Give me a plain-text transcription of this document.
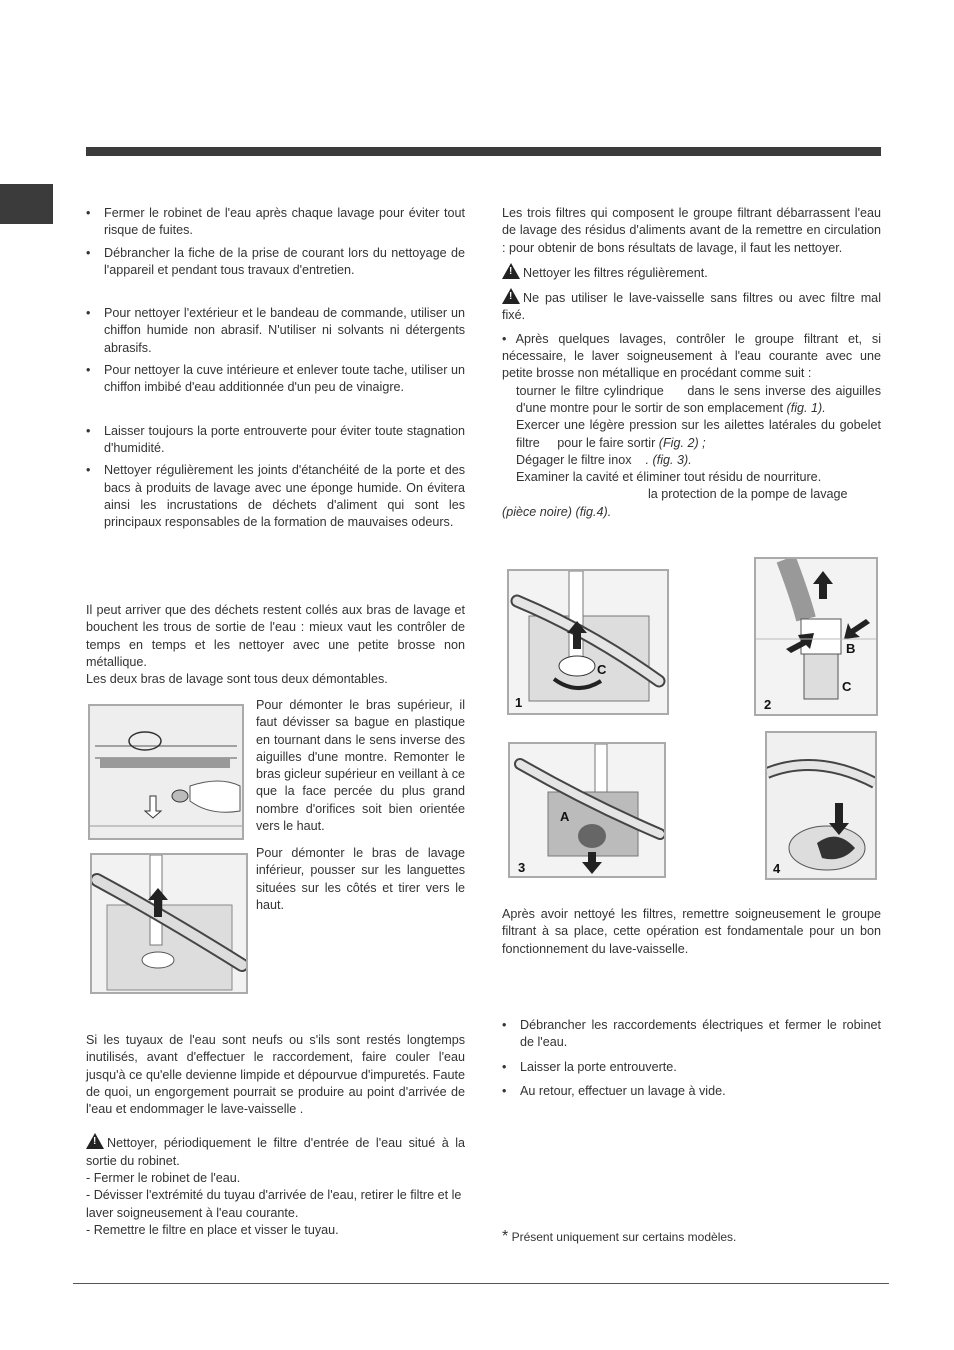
• Fermer le robinet de l'eau après chaque lavage pour éviter tout risque de fuites.
• Débrancher la fiche de la prise de courant lors du nettoyage de l'appareil et pendant tous travaux d'entretien.
• Pour nettoyer l'extérieur et le bandeau de commande, utiliser un chiffon humide non abrasif. N'utiliser ni solvants ni détergents abrasifs.
• Pour nettoyer la cuve intérieure et enlever toute tache, utiliser un chiffon imbibé d'eau additionnée d'un peu de vinaigre.
• Laisser toujours la porte entrouverte pour éviter toute stagnation d'humidité.
• Nettoyer régulièrement les joints d'étanchéité de la porte et des bacs à produits de lavage avec une éponge humide. On évitera ainsi les incrustations de déchets d'aliment qui sont les principaux responsables de la formation de mauvaises odeurs.

Il peut arriver que des déchets restent collés aux bras de lavage et bouchent les trous de sortie de l'eau : mieux vaut les contrôler de temps en temps et les nettoyer avec une petite brosse non métallique.

Les deux bras de lavage sont tous deux démontables.

Pour démonter le bras supérieur, il faut dévisser sa bague en plastique en tournant dans le sens inverse des aiguilles d'une montre. Remonter le bras gicleur supérieur en veillant à ce que la face percée du plus grand nombre d'orifices soit bien orientée vers le haut.

Pour démonter le bras de lavage inférieur, pousser sur les languettes situées sur les côtés et tirer vers le haut.

Si les tuyaux de l'eau sont neufs ou s'ils sont restés longtemps inutilisés, avant d'effectuer le raccordement, faire couler l'eau jusqu'à ce qu'elle devienne limpide et dépourvue d'impuretés. Faute de quoi, un engorgement pourrait se produire au point d'arrivée de l'eau et endommager le lave-vaisselle .

!Nettoyer, périodiquement le filtre d'entrée de l'eau situé à la sortie du robinet.

- Fermer le robinet de l'eau.

- Dévisser l'extrémité du tuyau d'arrivée de l'eau, retirer le filtre et le laver soigneusement à l'eau courante.

- Remettre le filtre en place et visser le tuyau.

Les trois filtres qui composent le groupe filtrant débarrassent l'eau de lavage des résidus d'aliments avant de la remettre en circulation : pour obtenir de bons résultats de lavage, il faut les nettoyer.

!Nettoyer les filtres régulièrement.

!Ne pas utiliser le lave-vaisselle sans filtres ou avec filtre mal fixé.

• Après quelques lavages, contrôler le groupe filtrant et, si nécessaire, le laver soigneusement à l'eau courante avec une petite brosse non métallique en procédant comme suit :

tourner le filtre cylindrique dans le sens inverse des aiguilles d'une montre pour le sortir de son emplacement (fig. 1).

Exercer une légère pression sur les ailettes latérales du gobelet filtre pour le faire sortir (Fig. 2) ;

Dégager le filtre inox . (fig. 3).

Examiner la cavité et éliminer tout résidu de nourriture.

la protection de la pompe de lavage

(pièce noire) (fig.4).

1
C
2
B
C
3
A
4

Après avoir nettoyé les filtres, remettre soigneusement le groupe filtrant à sa place, cette opération est fondamentale pour un bon fonctionnement du lave-vaisselle.

• Débrancher les raccordements électriques et fermer le robinet de l'eau.
• Laisser la porte entrouverte.
• Au retour, effectuer un lavage à vide.
* Présent uniquement sur certains modèles.
